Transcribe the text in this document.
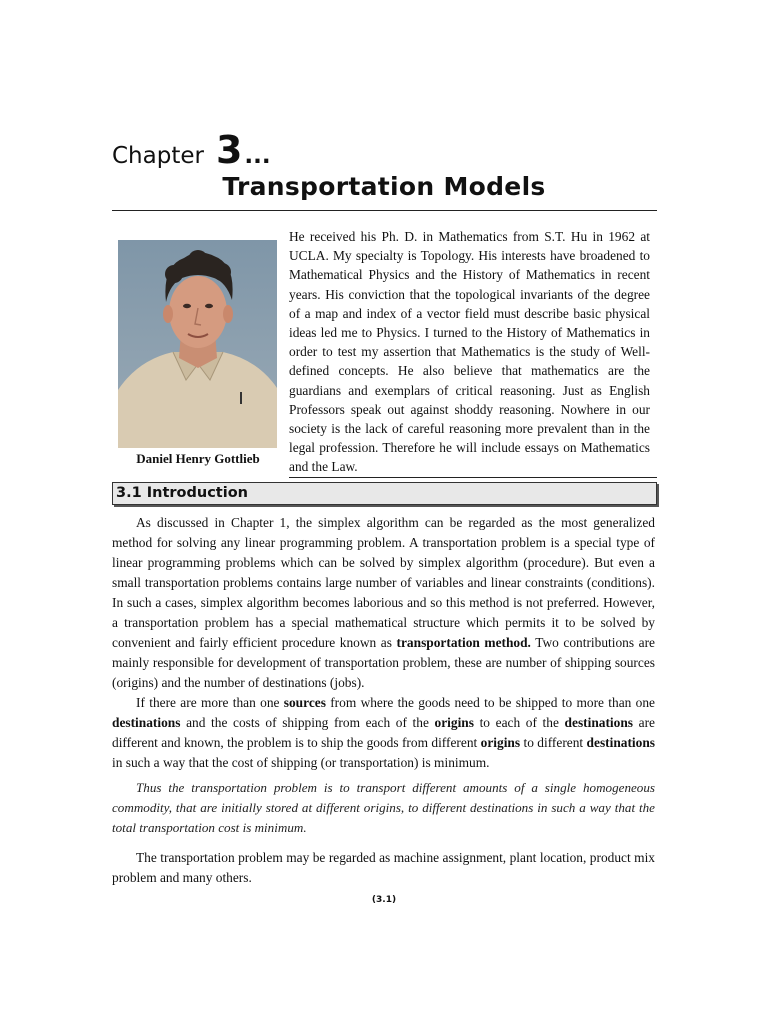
Chapter 3 ...
Transportation Models
Daniel Henry Gottlieb

He received his Ph. D. in Mathematics from S.T. Hu in 1962 at UCLA. My specialty is Topology. His interests have broadened to Mathematical Physics and the History of Mathematics in recent years. His conviction that the topological invariants of the degree of a map and index of a vector field must describe basic physical ideas led me to Physics. I turned to the History of Mathematics in order to test my assertion that Mathematics is the study of Well-defined concepts. He also believe that mathematics are the guardians and exemplars of critical reasoning. Just as English Professors speak out against shoddy reasoning. Nowhere in our society is the lack of careful reasoning more prevalent than in the legal profession. Therefore he will include essays on Mathematics and the Law.

3.1 Introduction

As discussed in Chapter 1, the simplex algorithm can be regarded as the most generalized method for solving any linear programming problem. A transportation problem is a special type of linear programming problems which can be solved by simplex algorithm (procedure). But even a small transportation problems contains large number of variables and linear constraints (conditions). In such a cases, simplex algorithm becomes laborious and so this method is not preferred. However, a transportation problem has a special mathematical structure which permits it to be solved by convenient and fairly efficient procedure known as transportation method. Two contributions are mainly responsible for development of transportation problem, these are number of shipping sources (origins) and the number of destinations (jobs).

If there are more than one sources from where the goods need to be shipped to more than one destinations and the costs of shipping from each of the origins to each of the destinations are different and known, the problem is to ship the goods from different origins to different destinations in such a way that the cost of shipping (or transportation) is minimum.

Thus the transportation problem is to transport different amounts of a single homogeneous commodity, that are initially stored at different origins, to different destinations in such a way that the total transportation cost is minimum.

The transportation problem may be regarded as machine assignment, plant location, product mix problem and many others.

(3.1)
